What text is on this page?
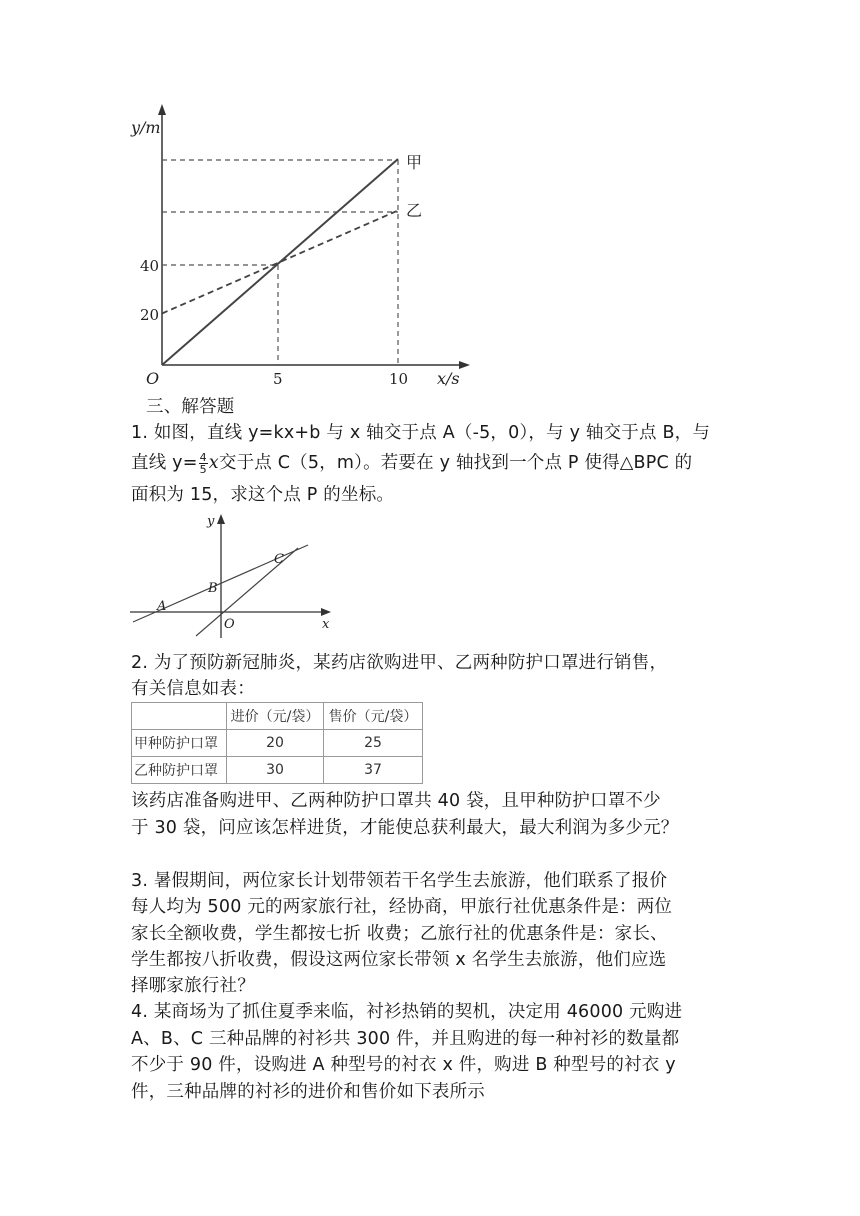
y/m
x/s
O
40
20
5	10
甲
乙
三、解答题
1. 如图，直线 y=kx+b 与 x 轴交于点 A（-5，0），与 y 轴交于点 B，与
直线 $y= \frac{4}{5}$ x交于点 C（5，m）。若要在 y 轴找到一个点 P 使得△BPC 的
面积为 15，求这个点 P 的坐标。
y
x
O
A
B
C
2. 为了预防新冠肺炎，某药店欲购进甲、乙两种防护口罩进行销售，
有关信息如表：
	进价（元/袋）	售价（元/袋）
甲种防护口罩	20	25
乙种防护口罩	30	37
该药店准备购进甲、乙两种防护口罩共 40 袋，且甲种防护口罩不少
于 30 袋，问应该怎样进货，才能使总获利最大，最大利润为多少元？
3. 暑假期间，两位家长计划带领若干名学生去旅游，他们联系了报价
每人均为 500 元的两家旅行社，经协商，甲旅行社优惠条件是：两位
家长全额收费，学生都按七折 收费；乙旅行社的优惠条件是：家长、
学生都按八折收费，假设这两位家长带领 x 名学生去旅游，他们应选
择哪家旅行社？
4. 某商场为了抓住夏季来临，衬衫热销的契机，决定用 46000 元购进
A、B、C 三种品牌的衬衫共 300 件，并且购进的每一种衬衫的数量都
不少于 90 件，设购进 A 种型号的衬衣 x 件，购进 B 种型号的衬衣 y
件，三种品牌的衬衫的进价和售价如下表所示
